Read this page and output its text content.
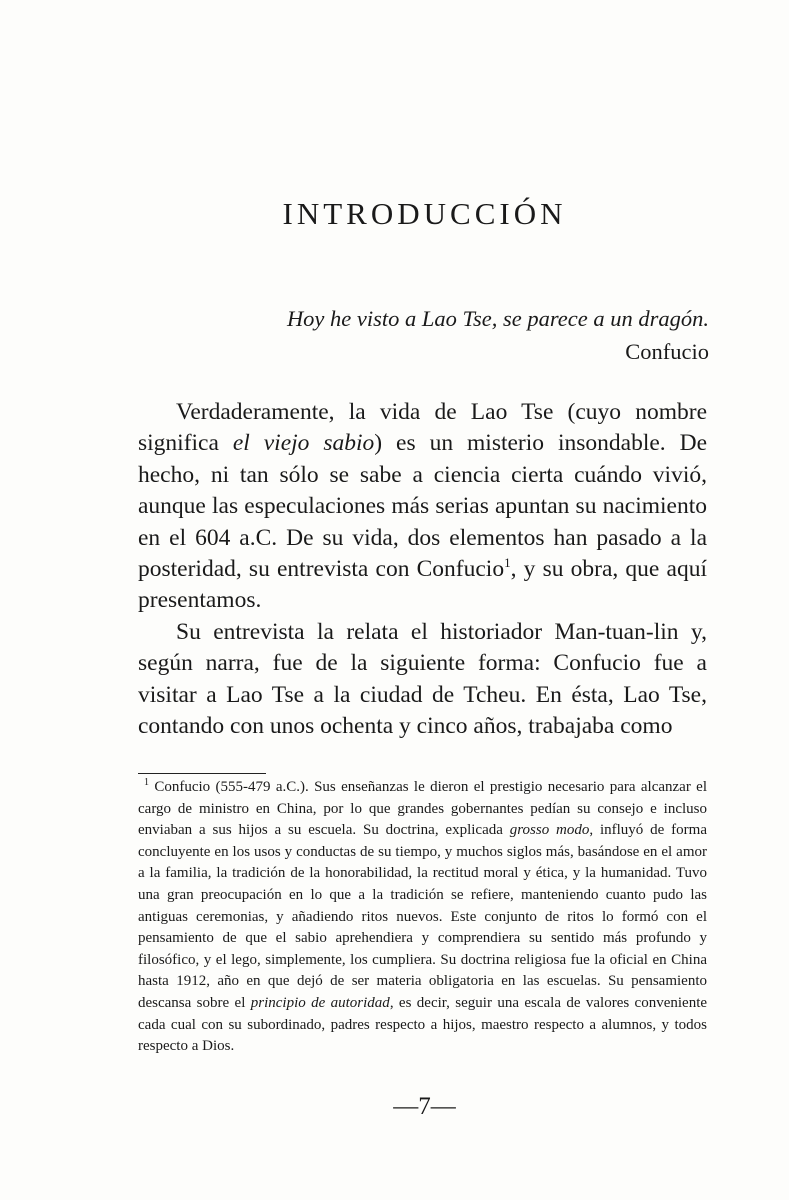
INTRODUCCIÓN
Hoy he visto a Lao Tse, se parece a un dragón.
Confucio

Verdaderamente, la vida de Lao Tse (cuyo nombre significa el viejo sabio) es un misterio insondable. De hecho, ni tan sólo se sabe a ciencia cierta cuándo vivió, aunque las especulaciones más serias apuntan su nacimiento en el 604 a.C. De su vida, dos elementos han pasado a la posteridad, su entrevista con Confucio$^1$, y su obra, que aquí presentamos.

Su entrevista la relata el historiador Man-tuan-lin y, según narra, fue de la siguiente forma: Confucio fue a visitar a Lao Tse a la ciudad de Tcheu. En ésta, Lao Tse, contando con unos ochenta y cinco años, trabajaba como

$^1$ Confucio (555-479 a.C.). Sus enseñanzas le dieron el prestigio necesario para alcanzar el cargo de ministro en China, por lo que grandes gobernantes pedían su consejo e incluso enviaban a sus hijos a su escuela. Su doctrina, explicada grosso modo, influyó de forma concluyente en los usos y conductas de su tiempo, y muchos siglos más, basándose en el amor a la familia, la tradición de la honorabilidad, la rectitud moral y ética, y la humanidad. Tuvo una gran preocupación en lo que a la tradición se refiere, manteniendo cuanto pudo las antiguas ceremonias, y añadiendo ritos nuevos. Este conjunto de ritos lo formó con el pensamiento de que el sabio aprehendiera y comprendiera su sentido más profundo y filosófico, y el lego, simplemente, los cumpliera. Su doctrina religiosa fue la oficial en China hasta 1912, año en que dejó de ser materia obligatoria en las escuelas. Su pensamiento descansa sobre el principio de autoridad, es decir, seguir una escala de valores conveniente cada cual con su subordinado, padres respecto a hijos, maestro respecto a alumnos, y todos respecto a Dios.

—7—
